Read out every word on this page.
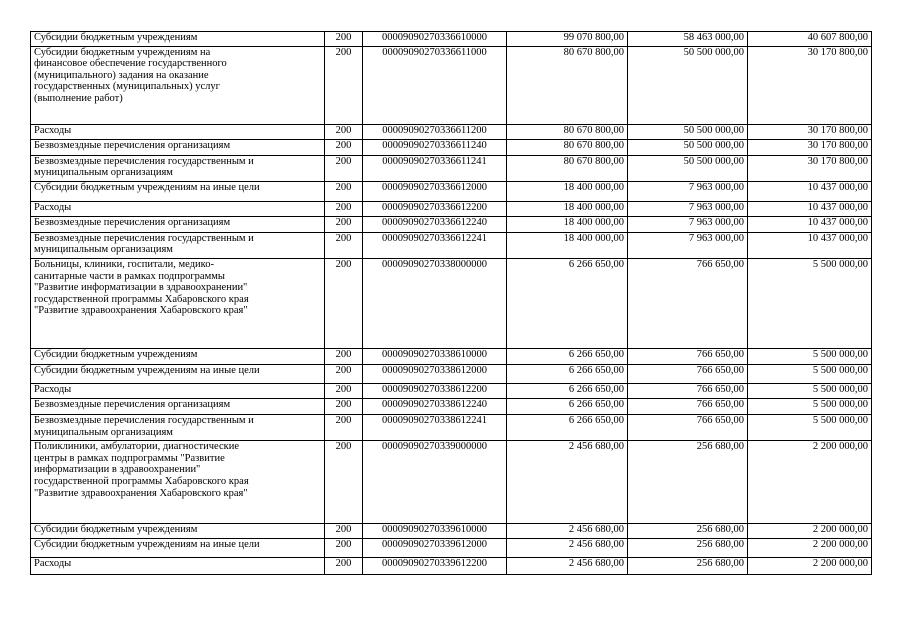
Субсидии бюджетным учреждениям	200	00009090270336610000	99 070 800,00	58 463 000,00	40 607 800,00
Субсидии бюджетным учреждениям на
финансовое обеспечение государственного
(муниципального) задания на оказание
государственных (муниципальных) услуг
(выполнение работ)	200	00009090270336611000	80 670 800,00	50 500 000,00	30 170 800,00
Расходы	200	00009090270336611200	80 670 800,00	50 500 000,00	30 170 800,00
Безвозмездные перечисления организациям	200	00009090270336611240	80 670 800,00	50 500 000,00	30 170 800,00
Безвозмездные перечисления государственным и
муниципальным организациям	200	00009090270336611241	80 670 800,00	50 500 000,00	30 170 800,00
Субсидии бюджетным учреждениям на иные цели	200	00009090270336612000	18 400 000,00	7 963 000,00	10 437 000,00
Расходы	200	00009090270336612200	18 400 000,00	7 963 000,00	10 437 000,00
Безвозмездные перечисления организациям	200	00009090270336612240	18 400 000,00	7 963 000,00	10 437 000,00
Безвозмездные перечисления государственным и
муниципальным организациям	200	00009090270336612241	18 400 000,00	7 963 000,00	10 437 000,00
Больницы, клиники, госпитали, медико-
санитарные части в рамках подпрограммы
"Развитие информатизации в здравоохранении"
государственной программы Хабаровского края
"Развитие здравоохранения Хабаровского края"	200	00009090270338000000	6 266 650,00	766 650,00	5 500 000,00
Субсидии бюджетным учреждениям	200	00009090270338610000	6 266 650,00	766 650,00	5 500 000,00
Субсидии бюджетным учреждениям на иные цели	200	00009090270338612000	6 266 650,00	766 650,00	5 500 000,00
Расходы	200	00009090270338612200	6 266 650,00	766 650,00	5 500 000,00
Безвозмездные перечисления организациям	200	00009090270338612240	6 266 650,00	766 650,00	5 500 000,00
Безвозмездные перечисления государственным и
муниципальным организациям	200	00009090270338612241	6 266 650,00	766 650,00	5 500 000,00
Поликлиники, амбулатории, диагностические
центры в рамках подпрограммы "Развитие
информатизации в здравоохранении"
государственной программы Хабаровского края
"Развитие здравоохранения Хабаровского края"	200	00009090270339000000	2 456 680,00	256 680,00	2 200 000,00
Субсидии бюджетным учреждениям	200	00009090270339610000	2 456 680,00	256 680,00	2 200 000,00
Субсидии бюджетным учреждениям на иные цели	200	00009090270339612000	2 456 680,00	256 680,00	2 200 000,00
Расходы	200	00009090270339612200	2 456 680,00	256 680,00	2 200 000,00
